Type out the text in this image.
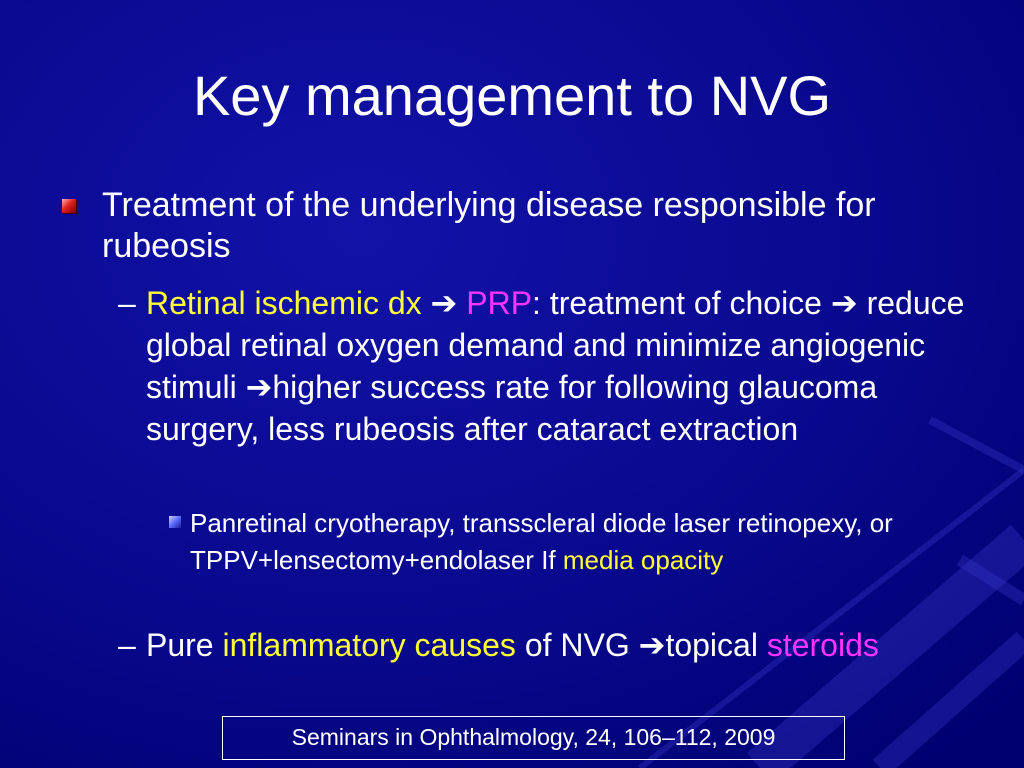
Key management to NVG
Treatment of the underlying disease responsible for rubeosis
– Retinal ischemic dx ➔ PRP: treatment of choice ➔ reduce global retinal oxygen demand and minimize angiogenic stimuli ➔higher success rate for following glaucoma surgery, less rubeosis after cataract extraction
Panretinal cryotherapy, transscleral diode laser retinopexy, or TPPV+lensectomy+endolaser If media opacity
– Pure inflammatory causes of NVG ➔topical steroids
Seminars in Ophthalmology, 24, 106–112, 2009
